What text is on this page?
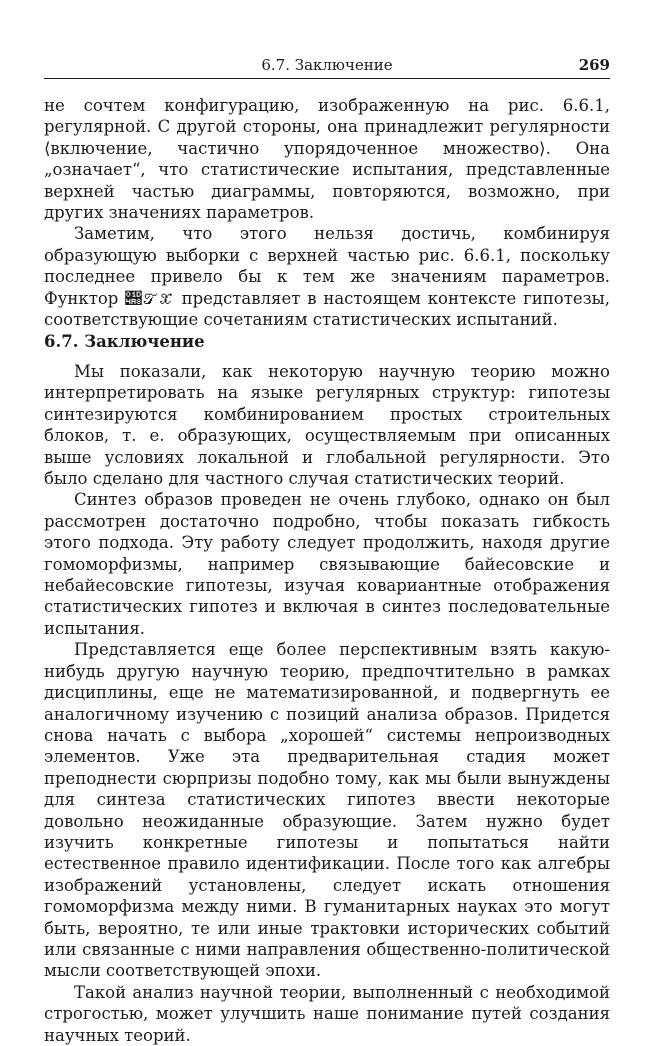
6.7. Заключение	269

не сочтем конфигурацию, изображенную на рис. 6.6.1, регулярной. С другой стороны, она принадлежит регулярности ⟨включение, частично упорядоченное множество⟩. Она „означает“, что статистические испытания, представленные верхней частью диаграммы, повторяются, возможно, при других значениях параметров.

Заметим, что этого нельзя достичь, комбинируя образующую выборки с верхней частью рис. 6.6.1, поскольку последнее привело бы к тем же значениям параметров. Функтор 𝒨𝒯𝒳 представляет в настоящем контексте гипотезы, соответствующие сочетаниям статистических испытаний.

6.7. Заключение

Мы показали, как некоторую научную теорию можно интерпретировать на языке регулярных структур: гипотезы синтезируются комбинированием простых строительных блоков, т. е. образующих, осуществляемым при описанных выше условиях локальной и глобальной регулярности. Это было сделано для частного случая статистических теорий.

Синтез образов проведен не очень глубоко, однако он был рассмотрен достаточно подробно, чтобы показать гибкость этого подхода. Эту работу следует продолжить, находя другие гомоморфизмы, например связывающие байесовские и небайесовские гипотезы, изучая ковариантные отображения статистических гипотез и включая в синтез последовательные испытания.

Представляется еще более перспективным взять какую-нибудь другую научную теорию, предпочтительно в рамках дисциплины, еще не математизированной, и подвергнуть ее аналогичному изучению с позиций анализа образов. Придется снова начать с выбора „хорошей“ системы непроизводных элементов. Уже эта предварительная стадия может преподнести сюрпризы подобно тому, как мы были вынуждены для синтеза статистических гипотез ввести некоторые довольно неожиданные образующие. Затем нужно будет изучить конкретные гипотезы и попытаться найти естественное правило идентификации. После того как алгебры изображений установлены, следует искать отношения гомоморфизма между ними. В гуманитарных науках это могут быть, вероятно, те или иные трактовки исторических событий или связанные с ними направления общественно-политической мысли соответствующей эпохи.

Такой анализ научной теории, выполненный с необходимой строгостью, может улучшить наше понимание путей создания научных теорий.
